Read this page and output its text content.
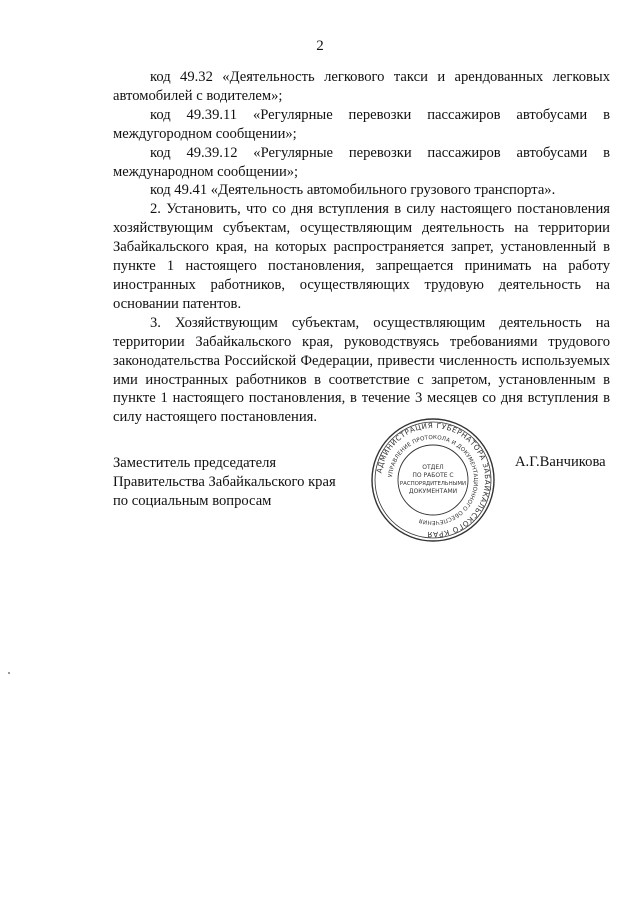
2

код 49.32 «Деятельность легкового такси и арендованных легковых автомобилей с водителем»;

код 49.39.11 «Регулярные перевозки пассажиров автобусами в междугородном сообщении»;

код 49.39.12 «Регулярные перевозки пассажиров автобусами в международном сообщении»;

код 49.41 «Деятельность автомобильного грузового транспорта».

2. Установить, что со дня вступления в силу настоящего постановления хозяйствующим субъектам, осуществляющим деятельность на территории Забайкальского края, на которых распространяется запрет, установленный в пункте 1 настоящего постановления, запрещается принимать на работу иностранных работников, осуществляющих трудовую деятельность на основании патентов.

3. Хозяйствующим субъектам, осуществляющим деятельность на территории Забайкальского края, руководствуясь требованиями трудового законодательства Российской Федерации, привести численность используемых ими иностранных работников в соответствие с запретом, установленным в пункте 1 настоящего постановления, в течение 3 месяцев со дня вступления в силу настоящего постановления.

Заместитель председателя
Правительства Забайкальского края
по социальным вопросам
А.Г.Ванчикова
АДМИНИСТРАЦИЯ ГУБЕРНАТОРА ЗАБАЙКАЛЬСКОГО КРАЯ
УПРАВЛЕНИЕ ПРОТОКОЛА И ДОКУМЕНТАЦИОННОГО ОБЕСПЕЧЕНИЯ
ОТДЕЛ
ПО РАБОТЕ С
РАСПОРЯДИТЕЛЬНЫМИ
ДОКУМЕНТАМИ
